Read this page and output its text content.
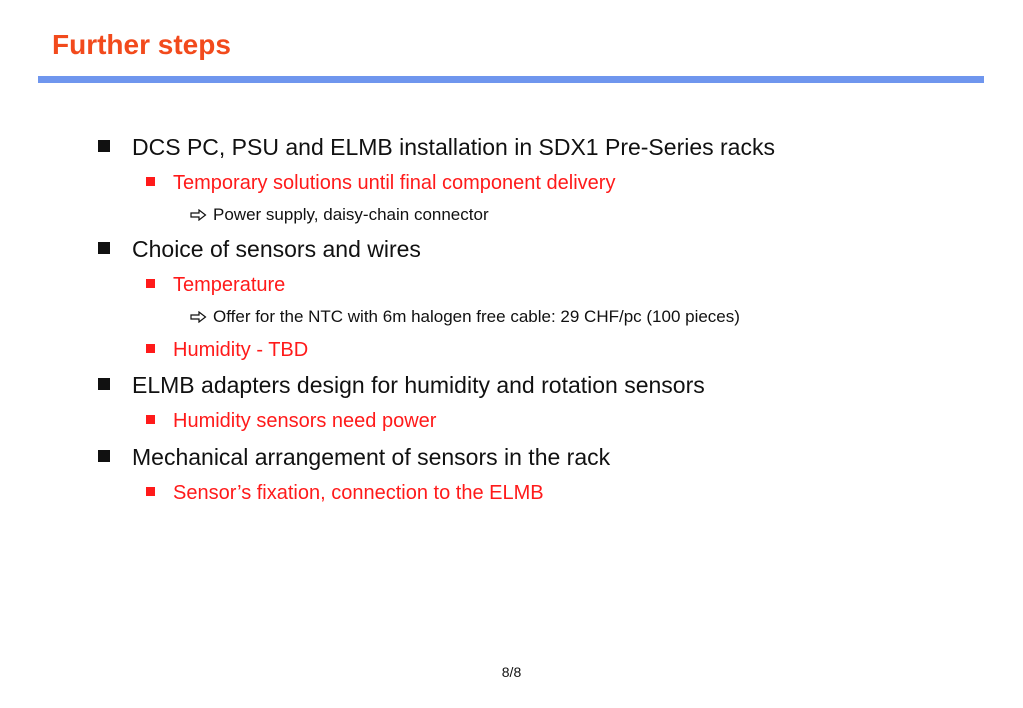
Further steps
DCS PC, PSU and ELMB installation in SDX1 Pre-Series racks
Temporary solutions until final component delivery
Power supply, daisy-chain connector
Choice of sensors and wires
Temperature
Offer for the NTC with 6m halogen free cable: 29 CHF/pc (100 pieces)
Humidity - TBD
ELMB adapters design for humidity and rotation sensors
Humidity sensors need power
Mechanical arrangement of sensors in the rack
Sensor’s fixation, connection to the ELMB
8/8
